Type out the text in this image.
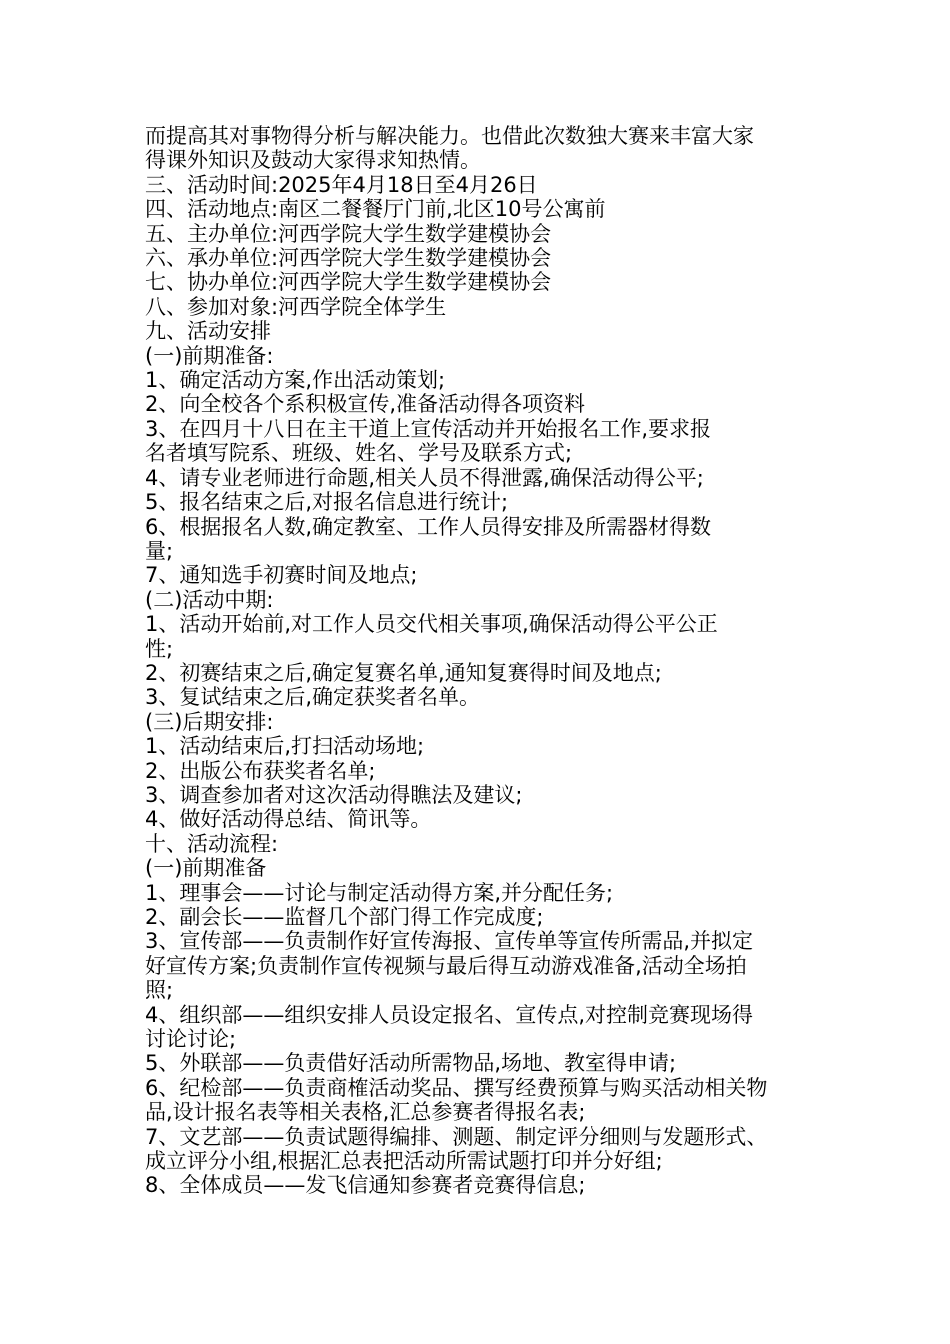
而提高其对事物得分析与解决能力。也借此次数独大赛来丰富大家

得课外知识及鼓动大家得求知热情。

三、活动时间:2025年4月18日至4月26日

四、活动地点:南区二餐餐厅门前,北区10号公寓前

五、主办单位:河西学院大学生数学建模协会

六、承办单位:河西学院大学生数学建模协会

七、协办单位:河西学院大学生数学建模协会

八、参加对象:河西学院全体学生

九、活动安排

(一)前期准备:

1、确定活动方案,作出活动策划;

2、向全校各个系积极宣传,准备活动得各项资料

3、在四月十八日在主干道上宣传活动并开始报名工作,要求报

名者填写院系、班级、姓名、学号及联系方式;

4、请专业老师进行命题,相关人员不得泄露,确保活动得公平;

5、报名结束之后,对报名信息进行统计;

6、根据报名人数,确定教室、工作人员得安排及所需器材得数

量;

7、通知选手初赛时间及地点;

(二)活动中期:

1、活动开始前,对工作人员交代相关事项,确保活动得公平公正

性;

2、初赛结束之后,确定复赛名单,通知复赛得时间及地点;

3、复试结束之后,确定获奖者名单。

(三)后期安排:

1、活动结束后,打扫活动场地;

2、出版公布获奖者名单;

3、调查参加者对这次活动得瞧法及建议;

4、做好活动得总结、简讯等。

十、活动流程:

(一)前期准备

1、理事会——讨论与制定活动得方案,并分配任务;

2、副会长——监督几个部门得工作完成度;

3、宣传部——负责制作好宣传海报、宣传单等宣传所需品,并拟定

好宣传方案;负责制作宣传视频与最后得互动游戏准备,活动全场拍

照;

4、组织部——组织安排人员设定报名、宣传点,对控制竞赛现场得

讨论讨论;

5、外联部——负责借好活动所需物品,场地、教室得申请;

6、纪检部——负责商榷活动奖品、撰写经费预算与购买活动相关物

品,设计报名表等相关表格,汇总参赛者得报名表;

7、文艺部——负责试题得编排、测题、制定评分细则与发题形式、

成立评分小组,根据汇总表把活动所需试题打印并分好组;

8、全体成员——发飞信通知参赛者竞赛得信息;
